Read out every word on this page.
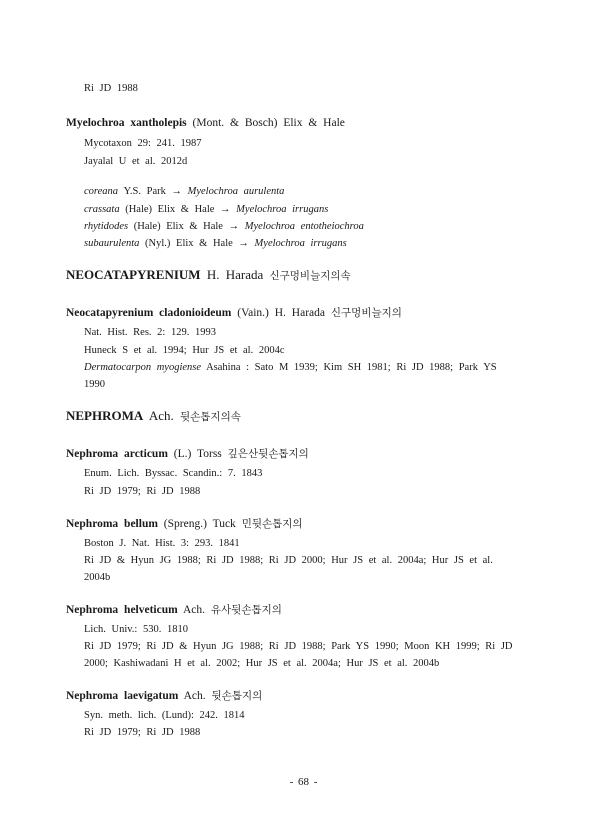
Ri JD 1988
Myelochroa xantholepis (Mont. & Bosch) Elix & Hale
Mycotaxon 29: 241. 1987
Jayalal U et al. 2012d
coreana Y.S. Park → Myelochroa aurulenta
crassata (Hale) Elix & Hale → Myelochroa irrugans
rhytidodes (Hale) Elix & Hale → Myelochroa entotheiochroa
subaurulenta (Nyl.) Elix & Hale → Myelochroa irrugans
NEOCATAPYRENIUM H. Harada 신구멍비늘지의속
Neocatapyrenium cladonioideum (Vain.) H. Harada 신구멍비늘지의
Nat. Hist. Res. 2: 129. 1993
Huneck S et al. 1994; Hur JS et al. 2004c
Dermatocarpon myogiense Asahina : Sato M 1939; Kim SH 1981; Ri JD 1988; Park YS
1990
NEPHROMA Ach. 뒷손톱지의속
Nephroma arcticum (L.) Torss 깊은산뒷손톱지의
Enum. Lich. Byssac. Scandin.: 7. 1843
Ri JD 1979; Ri JD 1988
Nephroma bellum (Spreng.) Tuck 민뒷손톱지의
Boston J. Nat. Hist. 3: 293. 1841
Ri JD & Hyun JG 1988; Ri JD 1988; Ri JD 2000; Hur JS et al. 2004a; Hur JS et al.
2004b
Nephroma helveticum Ach. 유사뒷손톱지의
Lich. Univ.: 530. 1810
Ri JD 1979; Ri JD & Hyun JG 1988; Ri JD 1988; Park YS 1990; Moon KH 1999; Ri JD
2000; Kashiwadani H et al. 2002; Hur JS et al. 2004a; Hur JS et al. 2004b
Nephroma laevigatum Ach. 뒷손톱지의
Syn. meth. lich. (Lund): 242. 1814
Ri JD 1979; Ri JD 1988
- 68 -
